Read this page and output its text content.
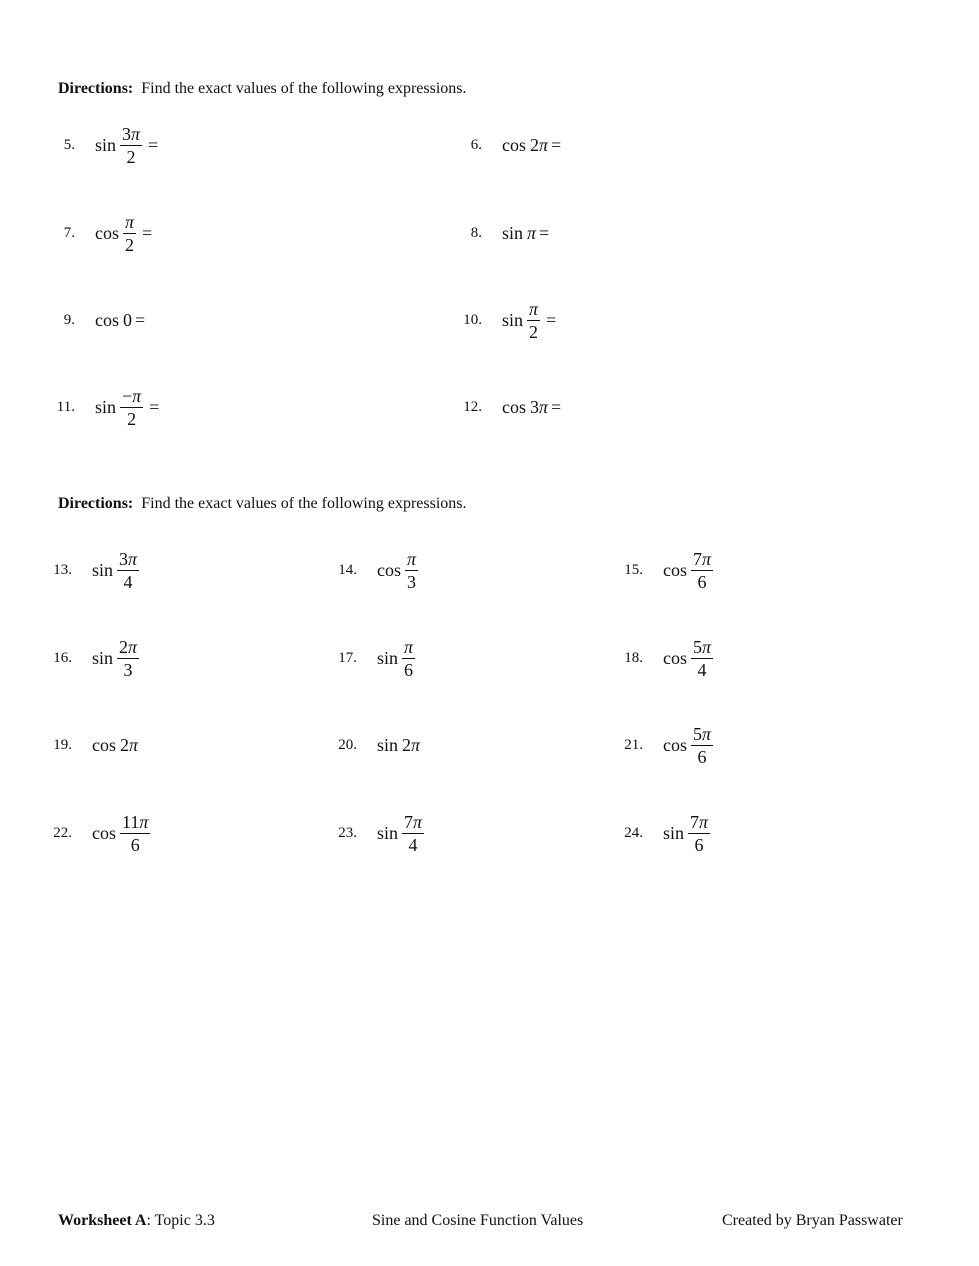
Directions: Find the exact values of the following expressions.
5. $\sin \frac{3\pi}{2}$ =	6. cos 2π =
7. $\cos \frac{\pi}{2}$ =	8. sin π =
9. cos 0 =	10. $\sin \frac{\pi}{2}$ =
11. $\sin \frac{-\pi}{2}$ =	12. cos 3π =
Directions: Find the exact values of the following expressions.
13. $\sin \frac{3\pi}{4}$	14. $\cos \frac{\pi}{3}$	15. $\cos \frac{7\pi}{6}$
16. $\sin \frac{2\pi}{3}$	17. $\sin \frac{\pi}{6}$	18. $\cos \frac{5\pi}{4}$
19. cos 2π	20. sin 2π	21. $\cos \frac{5\pi}{6}$
22. $\cos \frac{11\pi}{6}$	23. $\sin \frac{7\pi}{4}$	24. $\sin \frac{7\pi}{6}$
Worksheet A: Topic 3.3	Sine and Cosine Function Values	Created by Bryan Passwater
